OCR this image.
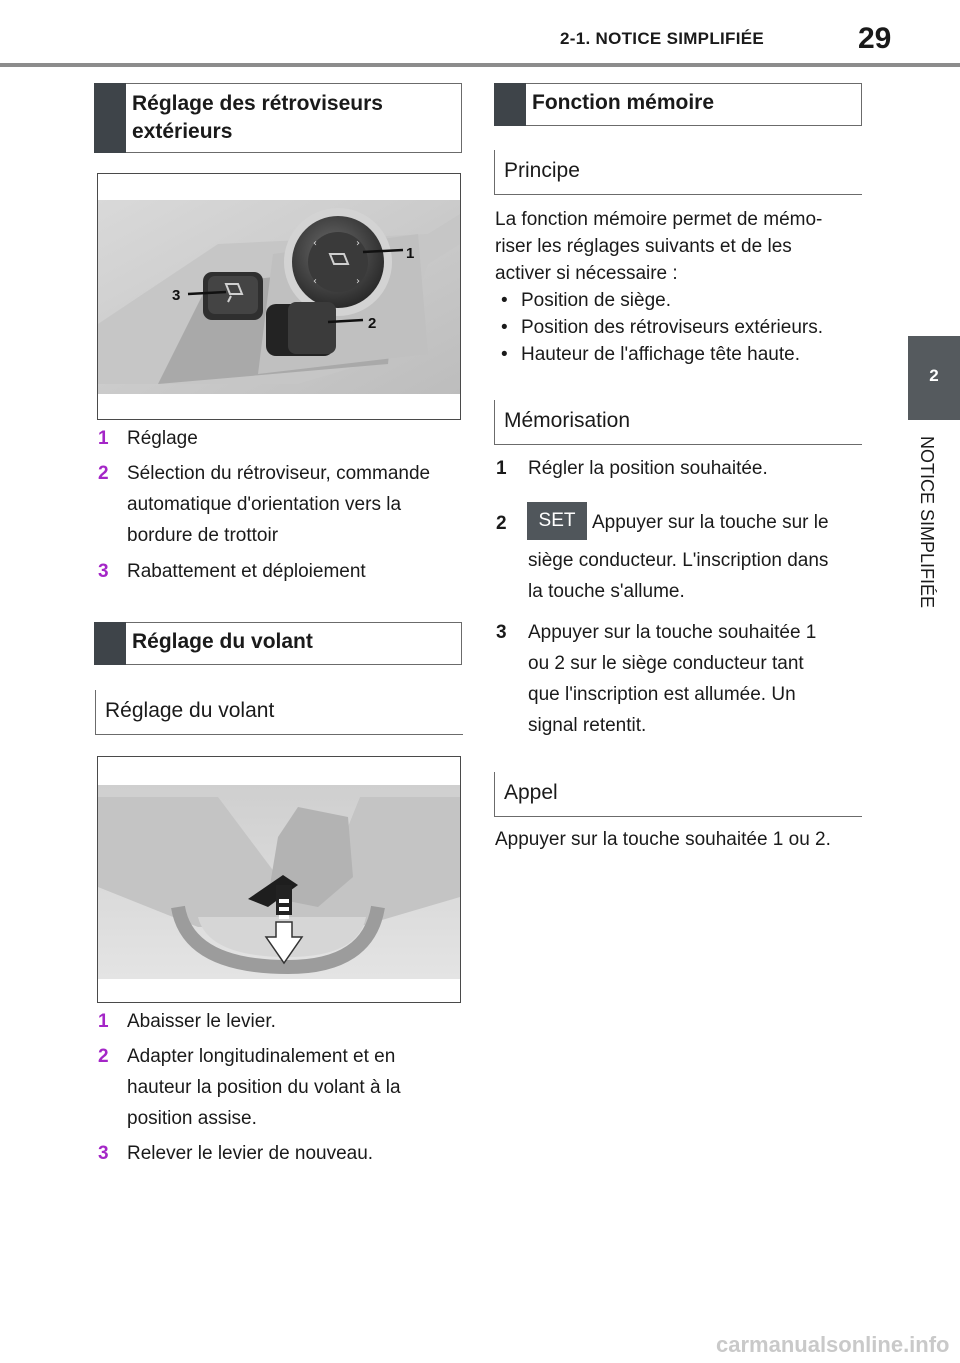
2-1. NOTICE SIMPLIFIÉE	29
2
NOTICE SIMPLIFIÉE
Réglage des rétroviseurs extérieurs
‹	›
‹	›
1
2
3
1 Réglage
2 Sélection du rétroviseur, commande
automatique d'orientation vers la
bordure de trottoir
3 Rabattement et déploiement
Réglage du volant
Réglage du volant
1 Abaisser le levier.
2 Adapter longitudinalement et en
hauteur la position du volant à la
position assise.
3 Relever le levier de nouveau.
Fonction mémoire
Principe
La fonction mémoire permet de mémo-
riser les réglages suivants et de les
activer si nécessaire :
• Position de siège.
• Position des rétroviseurs extérieurs.
• Hauteur de l'affichage tête haute.
Mémorisation
1 Régler la position souhaitée.
2	SET Appuyer sur la touche sur le
siège conducteur. L'inscription dans
la touche s'allume.
3 Appuyer sur la touche souhaitée 1
ou 2 sur le siège conducteur tant
que l'inscription est allumée. Un
signal retentit.
Appel
Appuyer sur la touche souhaitée 1 ou 2.
carmanualsonline.info
